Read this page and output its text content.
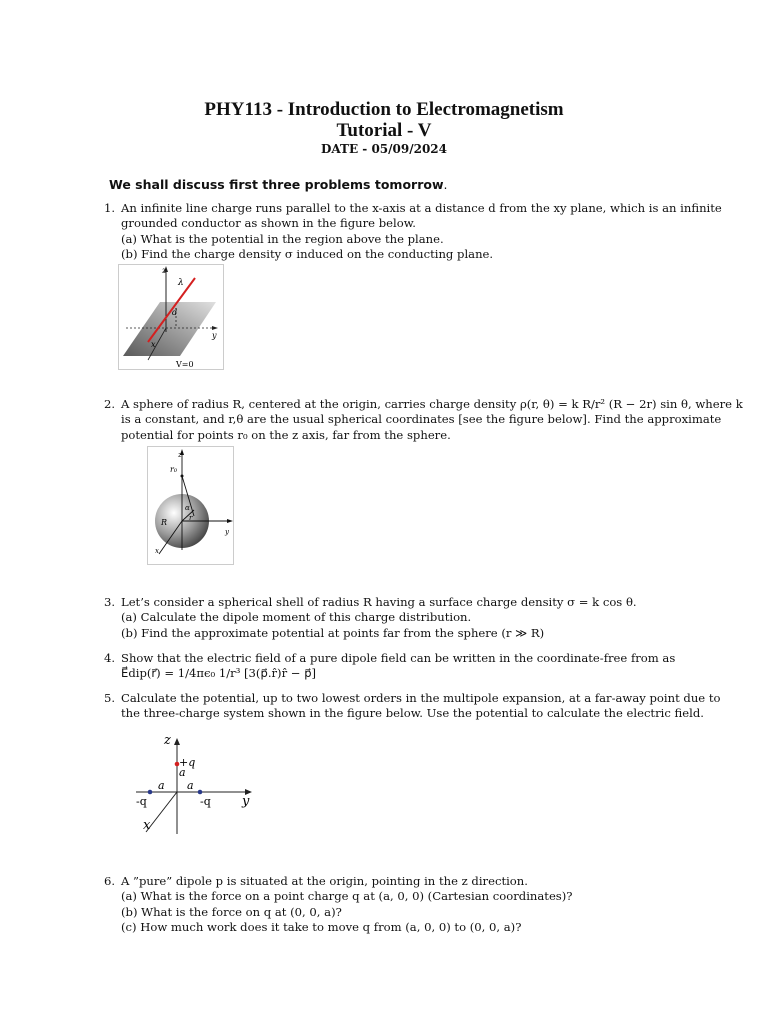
PHY113 - Introduction to Electromagnetism
Tutorial - V
DATE - 05/09/2024
We shall discuss first three problems tomorrow.
1. An infinite line charge runs parallel to the x-axis at a distance d from the xy plane, which is an infinite
grounded conductor as shown in the figure below.
(a) What is the potential in the region above the plane.
(b) Find the charge density σ induced on the conducting plane.
z
λ
d
y
x
V=0
2. A sphere of radius R, centered at the origin, carries charge density ρ(r, θ) = k R/r² (R − 2r) sin θ, where k
is a constant, and r,θ are the usual spherical coordinates [see the figure below]. Find the approximate
potential for points r₀ on the z axis, far from the sphere.
z
r₀
α
r
R
y
x
3. Let’s consider a spherical shell of radius R having a surface charge density σ = k cos θ.
(a) Calculate the dipole moment of this charge distribution.
(b) Find the approximate potential at points far from the sphere (r ≫ R)
4. Show that the electric field of a pure dipole field can be written in the coordinate-free from as
E⃗dip(r⃗) = 1/4πϵ₀ 1/r³ [3(p⃗.r̂)r̂ − p⃗]
5. Calculate the potential, up to two lowest orders in the multipole expansion, at a far-away point due to
the three-charge system shown in the figure below. Use the potential to calculate the electric field.
z
+q
a
a a
-q	-q y
x
6. A ”pure” dipole p is situated at the origin, pointing in the z direction.
(a) What is the force on a point charge q at (a, 0, 0) (Cartesian coordinates)?
(b) What is the force on q at (0, 0, a)?
(c) How much work does it take to move q from (a, 0, 0) to (0, 0, a)?
